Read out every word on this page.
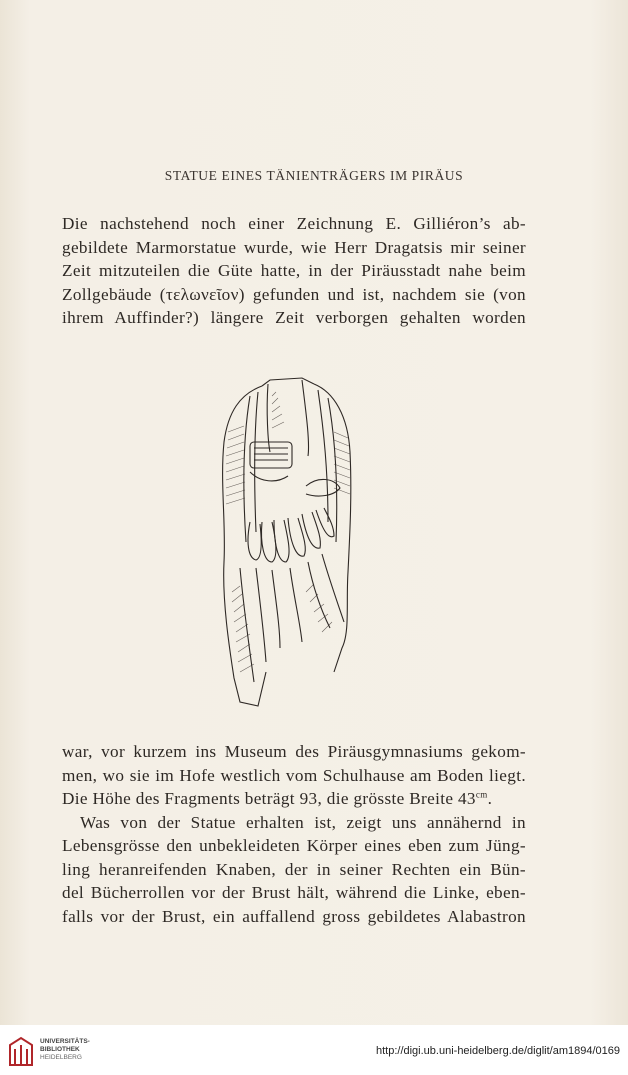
STATUE EINES TÄNIENTRÄGERS IM PIRÄUS
Die nachstehend noch einer Zeichnung E. Gilliéron’s ab-
gebildete Marmorstatue wurde, wie Herr Dragatsis mir seiner
Zeit mitzuteilen die Güte hatte, in der Piräusstadt nahe beim
Zollgebäude (τελωνεῖον) gefunden und ist, nachdem sie (von
ihrem Auffinder?) längere Zeit verborgen gehalten worden
war, vor kurzem ins Museum des Piräusgymnasiums gekom-
men, wo sie im Hofe westlich vom Schulhause am Boden liegt.
Die Höhe des Fragments beträgt 93, die grösste Breite $43^{cm}$.
Was von der Statue erhalten ist, zeigt uns annähernd in
Lebensgrösse den unbekleideten Körper eines eben zum Jüng-
ling heranreifenden Knaben, der in seiner Rechten ein Bün-
del Bücherrollen vor der Brust hält, während die Linke, eben-
falls vor der Brust, ein auffallend gross gebildetes Alabastron
UNIVERSITÄTS-
BIBLIOTHEK
HEIDELBERG
http://digi.ub.uni-heidelberg.de/diglit/am1894/0169
